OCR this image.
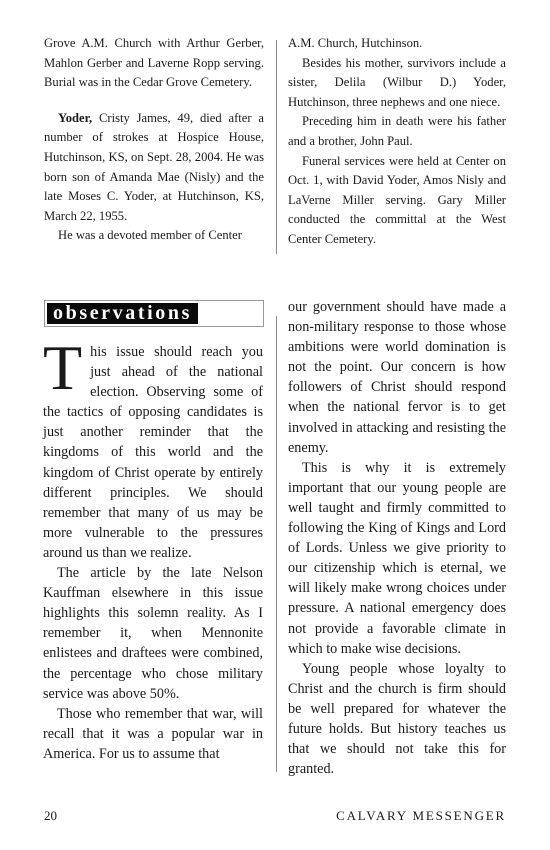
Grove A.M. Church with Arthur Gerber, Mahlon Gerber and Laverne Ropp serving. Burial was in the Cedar Grove Cemetery.

Yoder, Cristy James, 49, died after a number of strokes at Hospice House, Hutchinson, KS, on Sept. 28, 2004. He was born son of Amanda Mae (Nisly) and the late Moses C. Yoder, at Hutchinson, KS, March 22, 1955.

He was a devoted member of Center

A.M. Church, Hutchinson.

Besides his mother, survivors include a sister, Delila (Wilbur D.) Yoder, Hutchinson, three nephews and one niece.

Preceding him in death were his father and a brother, John Paul.

Funeral services were held at Center on Oct. 1, with David Yoder, Amos Nisly and LaVerne Miller serving. Gary Miller conducted the committal at the West Center Cemetery.

observations

This issue should reach you just ahead of the national election. Observing some of the tactics of opposing candidates is just another reminder that the kingdoms of this world and the kingdom of Christ operate by entirely different principles. We should remember that many of us may be more vulnerable to the pressures around us than we realize.

The article by the late Nelson Kauffman elsewhere in this issue highlights this solemn reality. As I remember it, when Mennonite enlistees and draftees were combined, the percentage who chose military service was above 50%.

Those who remember that war, will recall that it was a popular war in America. For us to assume that

our government should have made a non-military response to those whose ambitions were world domination is not the point. Our concern is how followers of Christ should respond when the national fervor is to get involved in attacking and resisting the enemy.

This is why it is extremely important that our young people are well taught and firmly committed to following the King of Kings and Lord of Lords. Unless we give priority to our citizenship which is eternal, we will likely make wrong choices under pressure. A national emergency does not provide a favorable climate in which to make wise decisions.

Young people whose loyalty to Christ and the church is firm should be well prepared for whatever the future holds. But history teaches us that we should not take this for granted.

20	CALVARY MESSENGER
